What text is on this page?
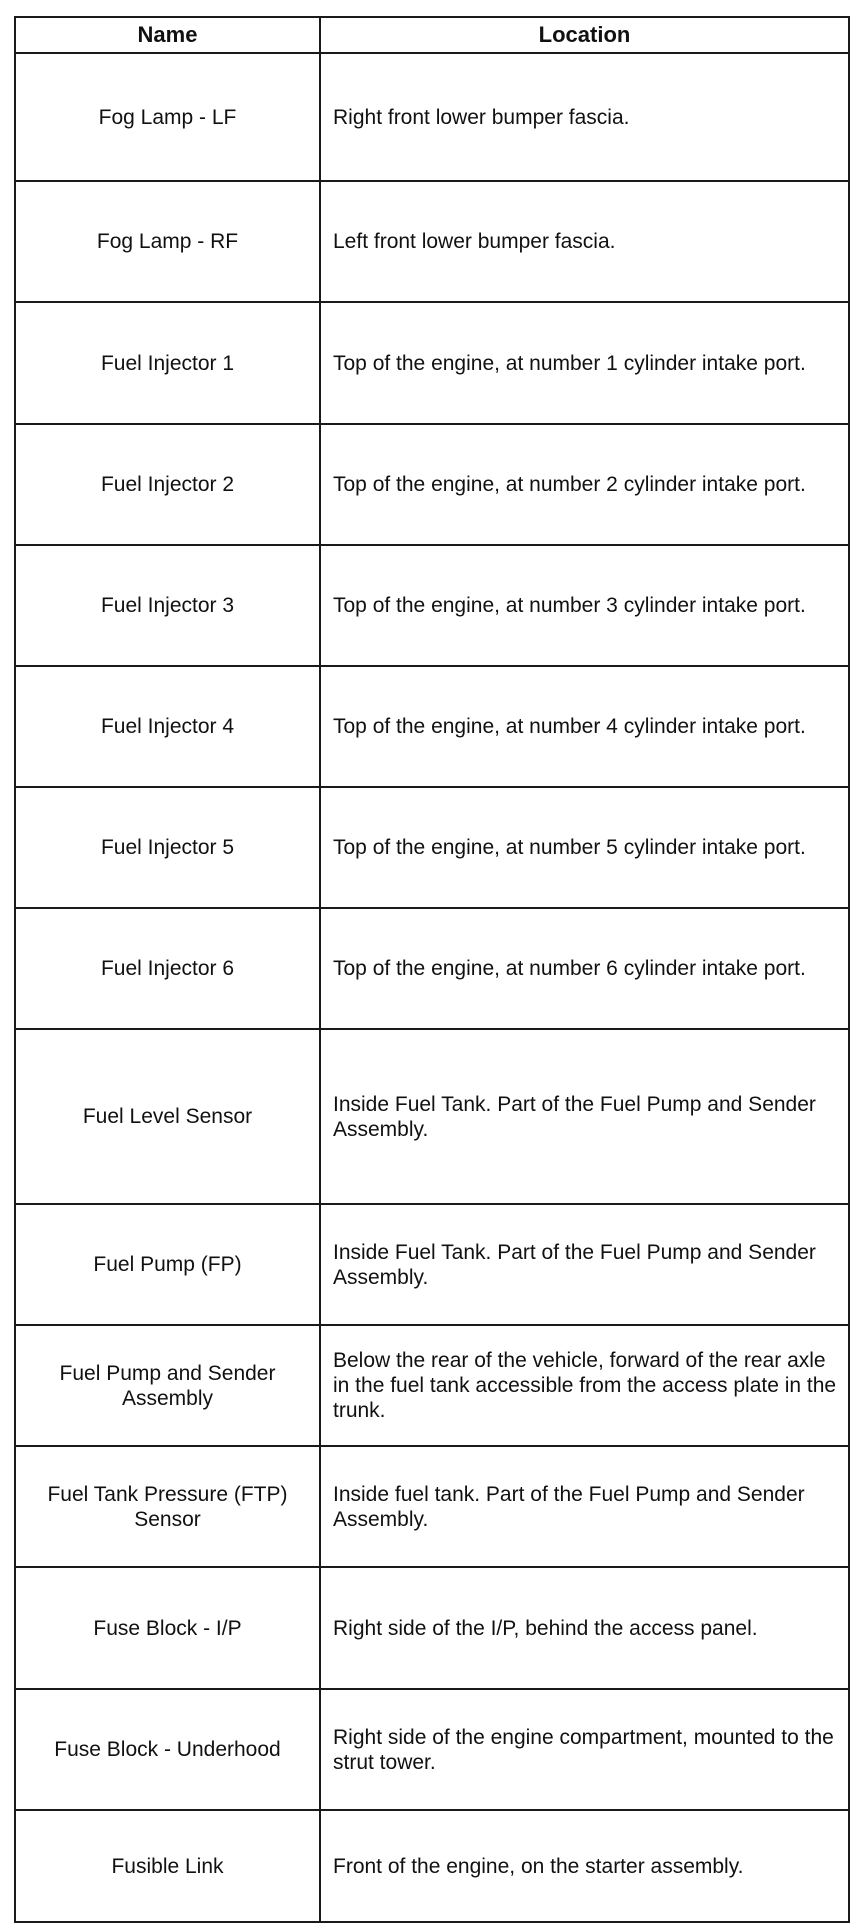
Name	Location
Fog Lamp - LF	Right front lower bumper fascia.
Fog Lamp - RF	Left front lower bumper fascia.
Fuel Injector 1	Top of the engine, at number 1 cylinder intake port.
Fuel Injector 2	Top of the engine, at number 2 cylinder intake port.
Fuel Injector 3	Top of the engine, at number 3 cylinder intake port.
Fuel Injector 4	Top of the engine, at number 4 cylinder intake port.
Fuel Injector 5	Top of the engine, at number 5 cylinder intake port.
Fuel Injector 6	Top of the engine, at number 6 cylinder intake port.
Fuel Level Sensor	Inside Fuel Tank. Part of the Fuel Pump and Sender Assembly.
Fuel Pump (FP)	Inside Fuel Tank. Part of the Fuel Pump and Sender Assembly.
Fuel Pump and Sender Assembly	Below the rear of the vehicle, forward of the rear axle in the fuel tank accessible from the access plate in the trunk.
Fuel Tank Pressure (FTP) Sensor	Inside fuel tank. Part of the Fuel Pump and Sender Assembly.
Fuse Block - I/P	Right side of the I/P, behind the access panel.
Fuse Block - Underhood	Right side of the engine compartment, mounted to the strut tower.
Fusible Link	Front of the engine, on the starter assembly.
